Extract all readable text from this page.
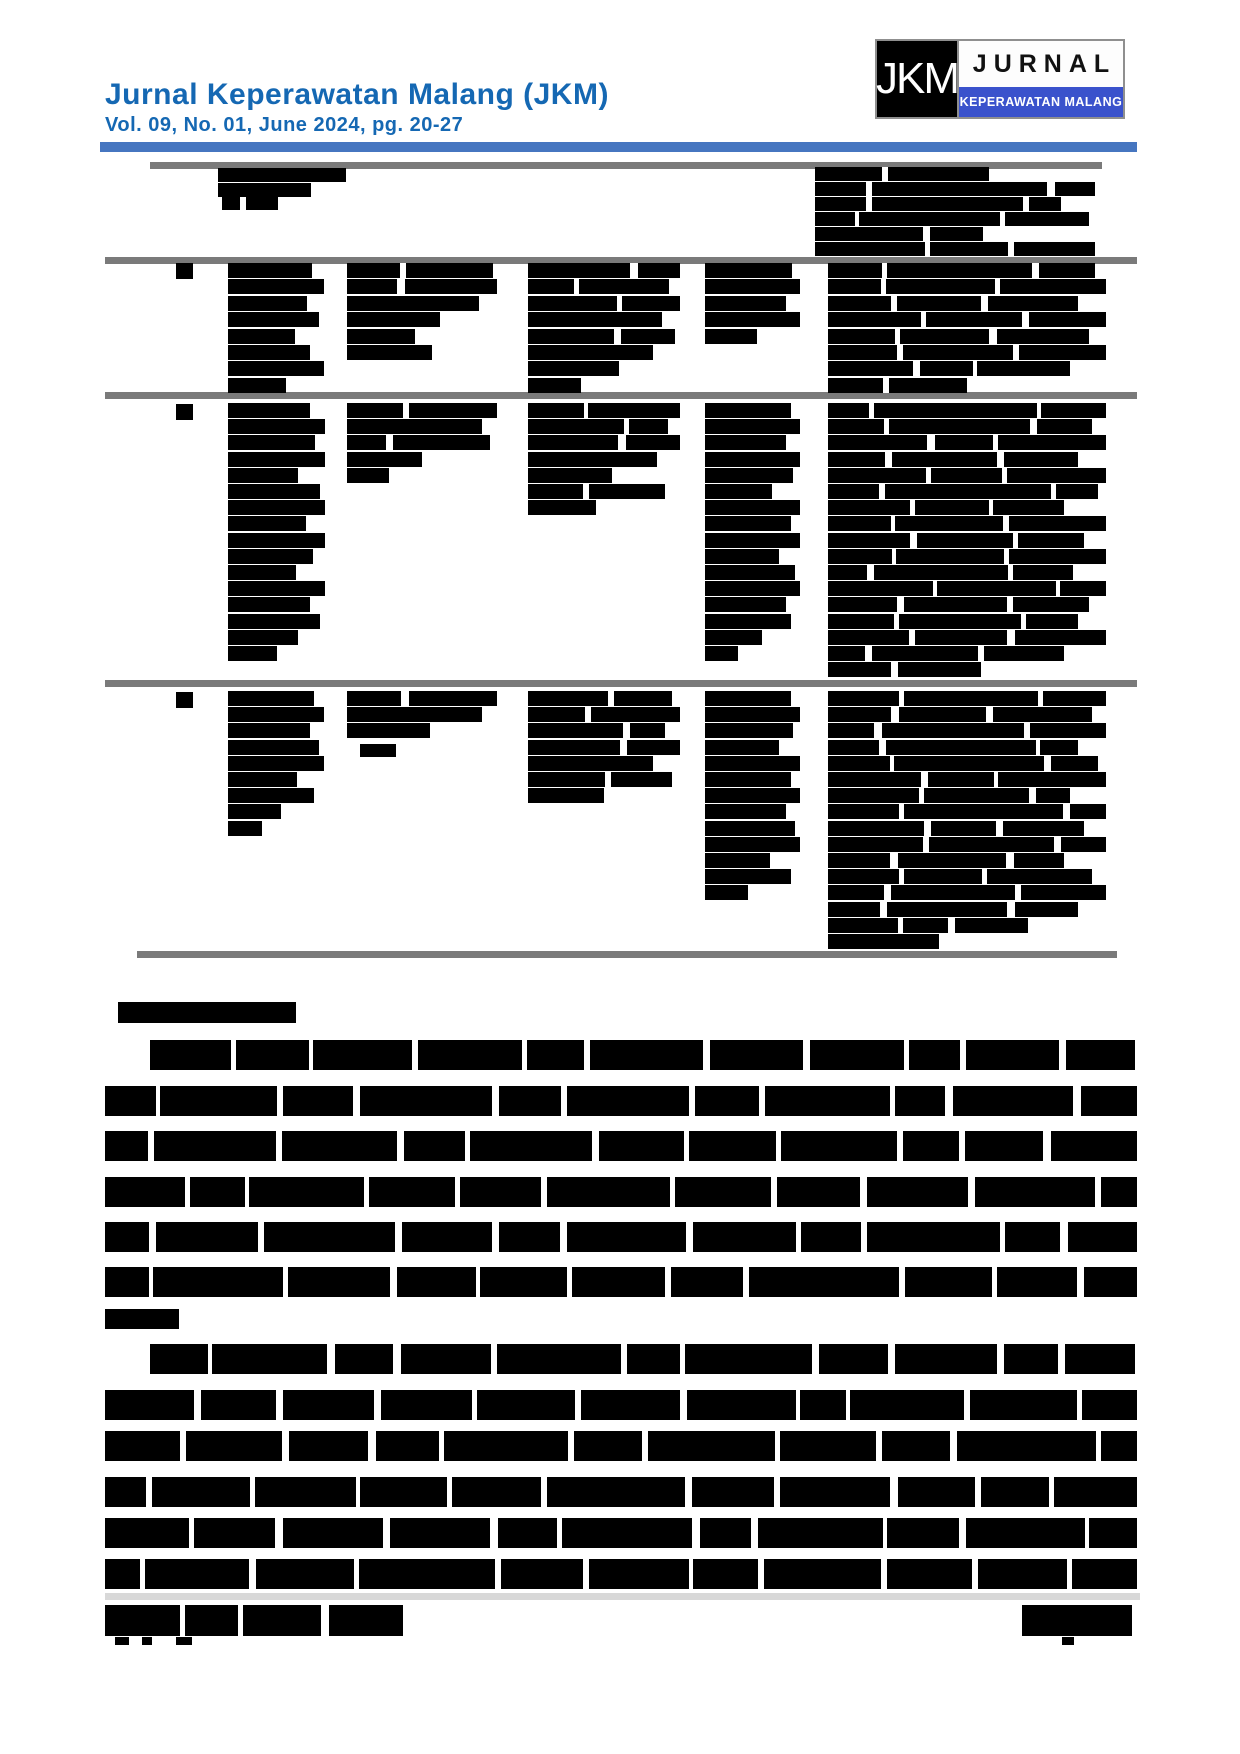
Jurnal Keperawatan Malang (JKM)
Vol. 09, No. 01, June 2024, pg. 20-27
JKM JURNAL
KEPERAWATAN MALANG
